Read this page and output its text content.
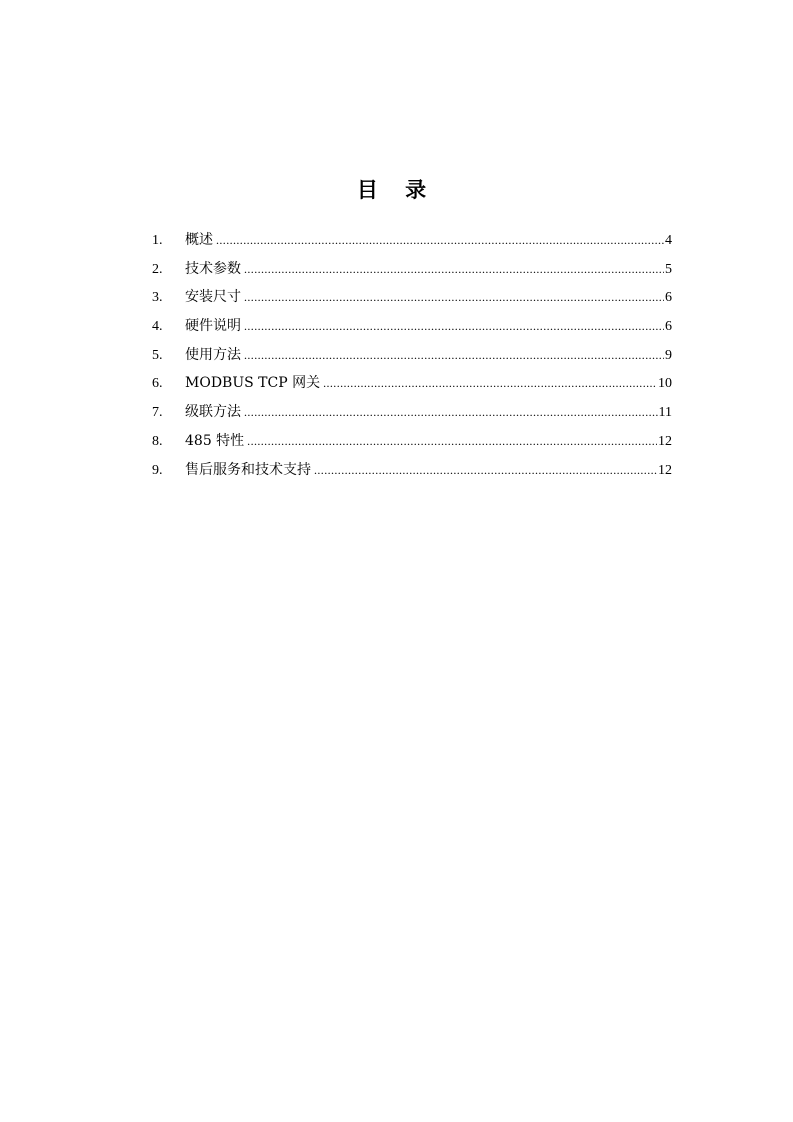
目 录
1.	概述 .....	4
2.	技术参数 .....	5
3.	安装尺寸 .....	6
4.	硬件说明 .....	6
5.	使用方法 .....	9
6.	MODBUS TCP 网关 .....	10
7.	级联方法 .....	11
8.	485 特性 .....	12
9.	售后服务和技术支持 .....	12
